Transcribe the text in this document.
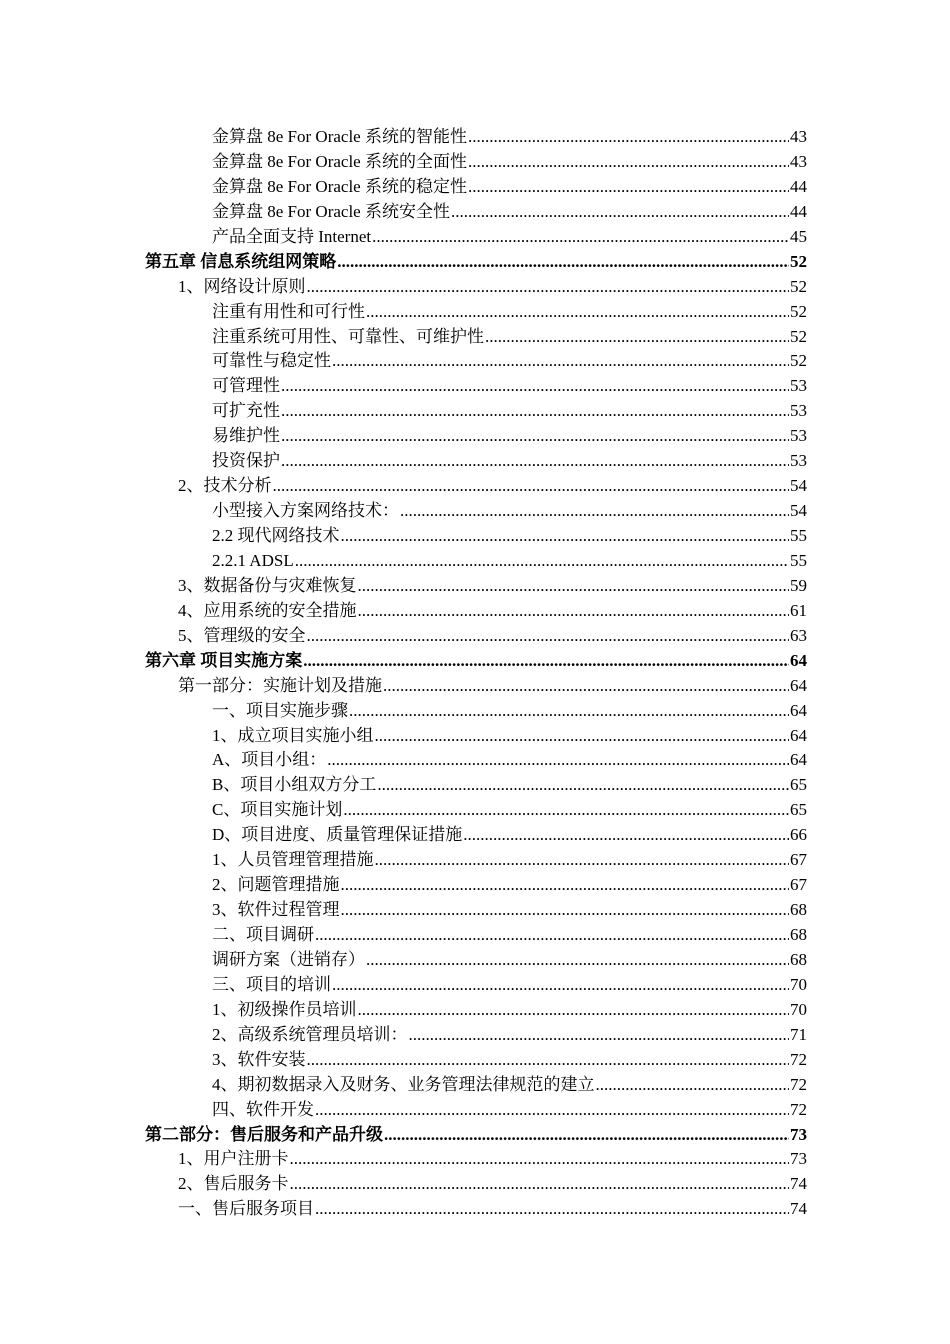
金算盘 8e For Oracle 系统的智能性 .....	43
金算盘 8e For Oracle 系统的全面性 .....	43
金算盘 8e For Oracle 系统的稳定性 .....	44
金算盘 8e For Oracle 系统安全性 .....	44
产品全面支持 Internet .....	45
第五章 信息系统组网策略 .....	52
1、网络设计原则 .....	52
注重有用性和可行性 .....	52
注重系统可用性、可靠性、可维护性 .....	52
可靠性与稳定性 .....	52
可管理性 .....	53
可扩充性 .....	53
易维护性 .....	53
投资保护 .....	53
2、技术分析 .....	54
小型接入方案网络技术： .....	54
2.2 现代网络技术 .....	55
2.2.1 ADSL .....	55
3、数据备份与灾难恢复 .....	59
4、应用系统的安全措施 .....	61
5、管理级的安全 .....	63
第六章 项目实施方案 .....	64
第一部分：实施计划及措施 .....	64
一、项目实施步骤 .....	64
1、成立项目实施小组 .....	64
A、项目小组： .....	64
B、项目小组双方分工 .....	65
C、项目实施计划 .....	65
D、项目进度、质量管理保证措施 .....	66
1、人员管理管理措施 .....	67
2、问题管理措施 .....	67
3、软件过程管理 .....	68
二、项目调研 .....	68
调研方案（进销存） .....	68
三、项目的培训 .....	70
1、初级操作员培训 .....	70
2、高级系统管理员培训： .....	71
3、软件安装 .....	72
4、期初数据录入及财务、业务管理法律规范的建立 .....	72
四、软件开发 .....	72
第二部分：售后服务和产品升级 .....	73
1、用户注册卡 .....	73
2、售后服务卡 .....	74
一、售后服务项目 .....	74
